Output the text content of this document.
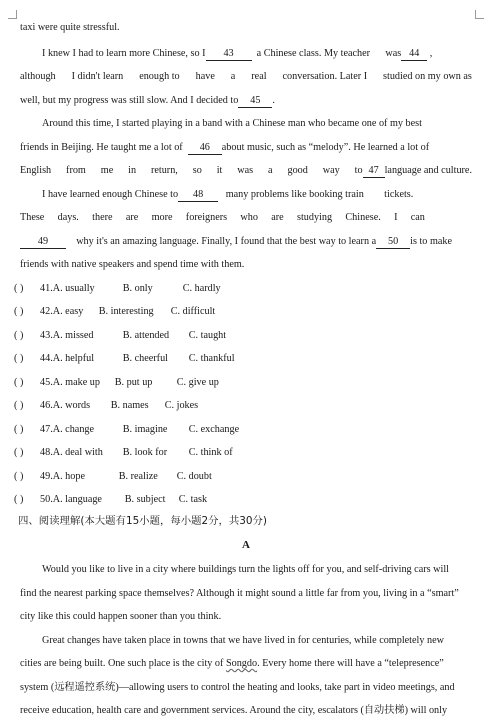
taxi were quite stressful.
I knew I had to learn more Chinese, so I 43 a Chinese class. My teacher was 44 ,
although I didn't learn enough to have a real conversation. Later I studied on my own as
well, but my progress was still slow. And I decided to 45 .
Around this time, I started playing in a band with a Chinese man who became one of my best
friends in Beijing. He taught me a lot of 46 about music, such as “melody”. He learned a lot of
English from me in return, so it was a good way to 47 language and culture.
I have learned enough Chinese to 48 many problems like booking train tickets.
These days. there are more foreigners who are studying Chinese. I can
49	why it's an amazing language. Finally, I found that the best way to learn a 50 is to make
friends with native speakers and spend time with them.
( ) 41.A. usually	B. only	C. hardly
( ) 42.A. easy B. interesting C. difficult
( ) 43.A. missed	B. attended C. taught
( ) 44.A. helpful	B. cheerful C. thankful
( ) 45.A. make up B. put up C. give up
( ) 46.A. words B. names C. jokes
( ) 47.A. change	B. imagine C. exchange
( ) 48.A. deal with B. look for C. think of
( ) 49.A. hope	B. realize C. doubt
( ) 50.A. language B. subject C. task
四、阅读理解(本大题有15小题，每小题2分，共30分)
A
Would you like to live in a city where buildings turn the lights off for you, and self-driving cars will
find the nearest parking space themselves? Although it might sound a little far from you, living in a “smart”
city like this could happen sooner than you think.
Great changes have taken place in towns that we have lived in for centuries, while completely new
cities are being built. One such place is the city of Songdo. Every home there will have a “telepresence”
system (远程遥控系统)—allowing users to control the heating and looks, take part in video meetings, and
receive education, health care and government services. Around the city, escalators (自动扶梯) will only
